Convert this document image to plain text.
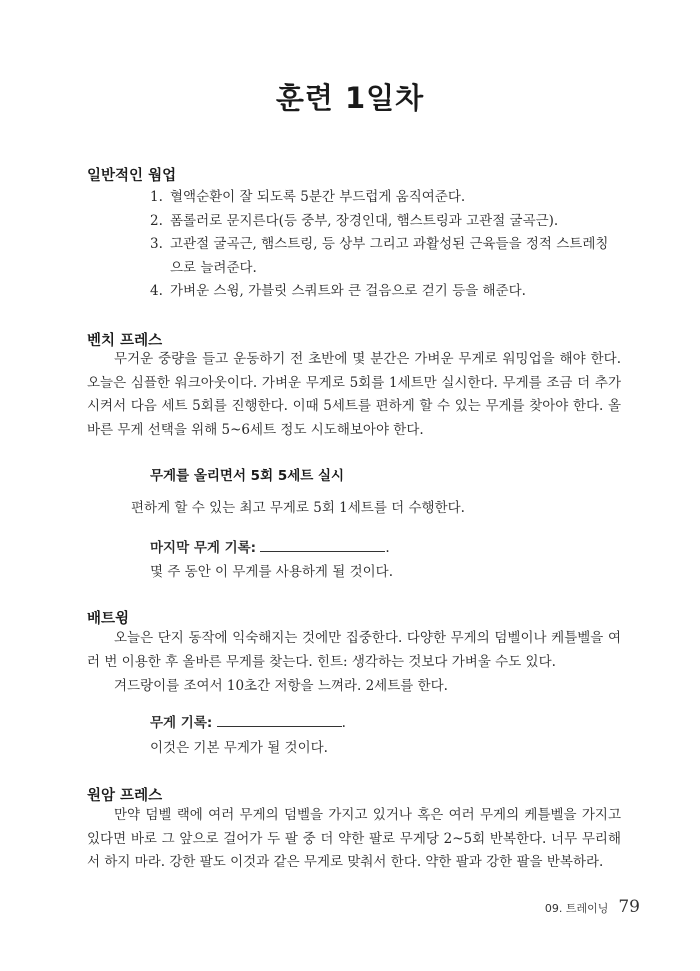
훈련 1일차
일반적인 웜업
1. 혈액순환이 잘 되도록 5분간 부드럽게 움직여준다.
2. 폼롤러로 문지른다(등 중부, 장경인대, 햄스트링과 고관절 굴곡근).
3. 고관절 굴곡근, 햄스트링, 등 상부 그리고 과활성된 근육들을 정적 스트레칭으로 늘려준다.
4. 가벼운 스윙, 가블릿 스쿼트와 큰 걸음으로 걷기 등을 해준다.
벤치 프레스

무거운 중량을 들고 운동하기 전 초반에 몇 분간은 가벼운 무게로 워밍업을 해야 한다. 오늘은 심플한 워크아웃이다. 가벼운 무게로 5회를 1세트만 실시한다. 무게를 조금 더 추가시켜서 다음 세트 5회를 진행한다. 이때 5세트를 편하게 할 수 있는 무게를 찾아야 한다. 올바른 무게 선택을 위해 5~6세트 정도 시도해보아야 한다.

무게를 올리면서 5회 5세트 실시
편하게 할 수 있는 최고 무게로 5회 1세트를 더 수행한다.
마지막 무게 기록:	.
몇 주 동안 이 무게를 사용하게 될 것이다.
배트윙

오늘은 단지 동작에 익숙해지는 것에만 집중한다. 다양한 무게의 덤벨이나 케틀벨을 여러 번 이용한 후 올바른 무게를 찾는다. 힌트: 생각하는 것보다 가벼울 수도 있다.

겨드랑이를 조여서 10초간 저항을 느껴라. 2세트를 한다.

무게 기록:	.
이것은 기본 무게가 될 것이다.
원암 프레스

만약 덤벨 랙에 여러 무게의 덤벨을 가지고 있거나 혹은 여러 무게의 케틀벨을 가지고 있다면 바로 그 앞으로 걸어가 두 팔 중 더 약한 팔로 무게당 2~5회 반복한다. 너무 무리해서 하지 마라. 강한 팔도 이것과 같은 무게로 맞춰서 한다. 약한 팔과 강한 팔을 반복하라.

09. 트레이닝 79
